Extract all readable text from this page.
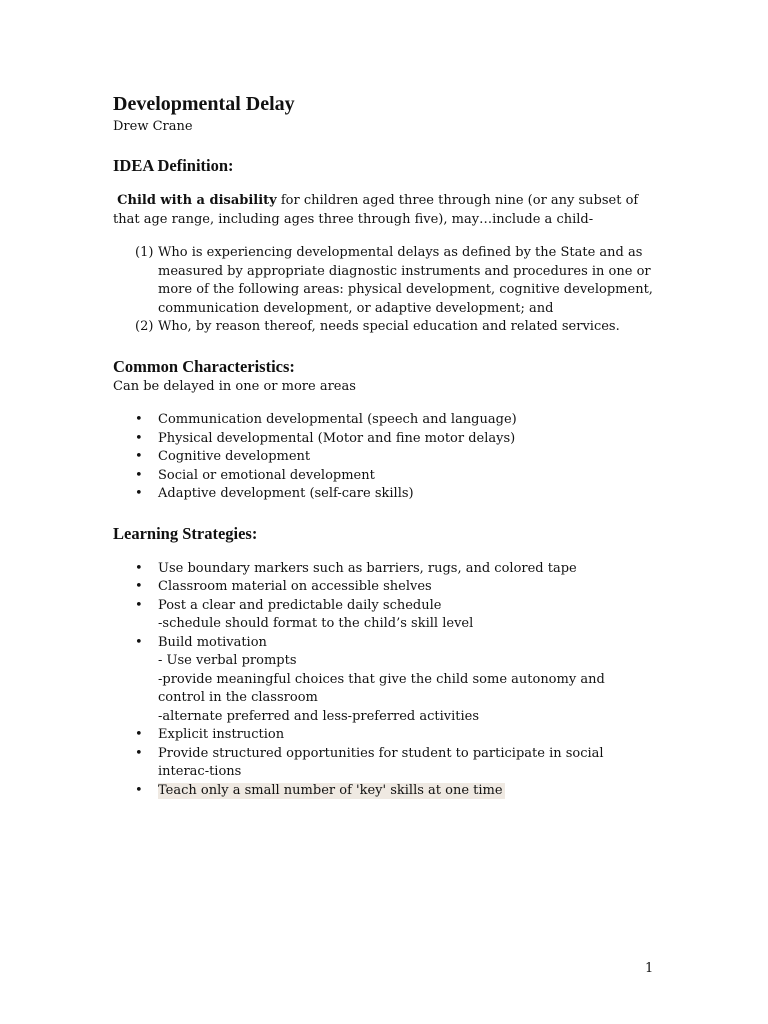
Developmental Delay

Drew Crane

IDEA Definition:

Child with a disability for children aged three through nine (or any subset of that age range, including ages three through five), may…include a child-

(1) Who is experiencing developmental delays as defined by the State and as measured by appropriate diagnostic instruments and procedures in one or more of the following areas: physical development, cognitive development, communication development, or adaptive development; and
(2) Who, by reason thereof, needs special education and related services.
Common Characteristics:

Can be delayed in one or more areas

• Communication developmental (speech and language)
• Physical developmental (Motor and fine motor delays)
• Cognitive development
• Social or emotional development
• Adaptive development (self-care skills)
Learning Strategies:
• Use boundary markers such as barriers, rugs, and colored tape
• Classroom material on accessible shelves
• Post a clear and predictable daily schedule
-schedule should format to the child’s skill level
• Build motivation
- Use verbal prompts
-provide meaningful choices that give the child some autonomy and control in the classroom
-alternate preferred and less-preferred activities
• Explicit instruction
• Provide structured opportunities for student to participate in social interac-tions
• Teach only a small number of 'key' skills at one time
1
